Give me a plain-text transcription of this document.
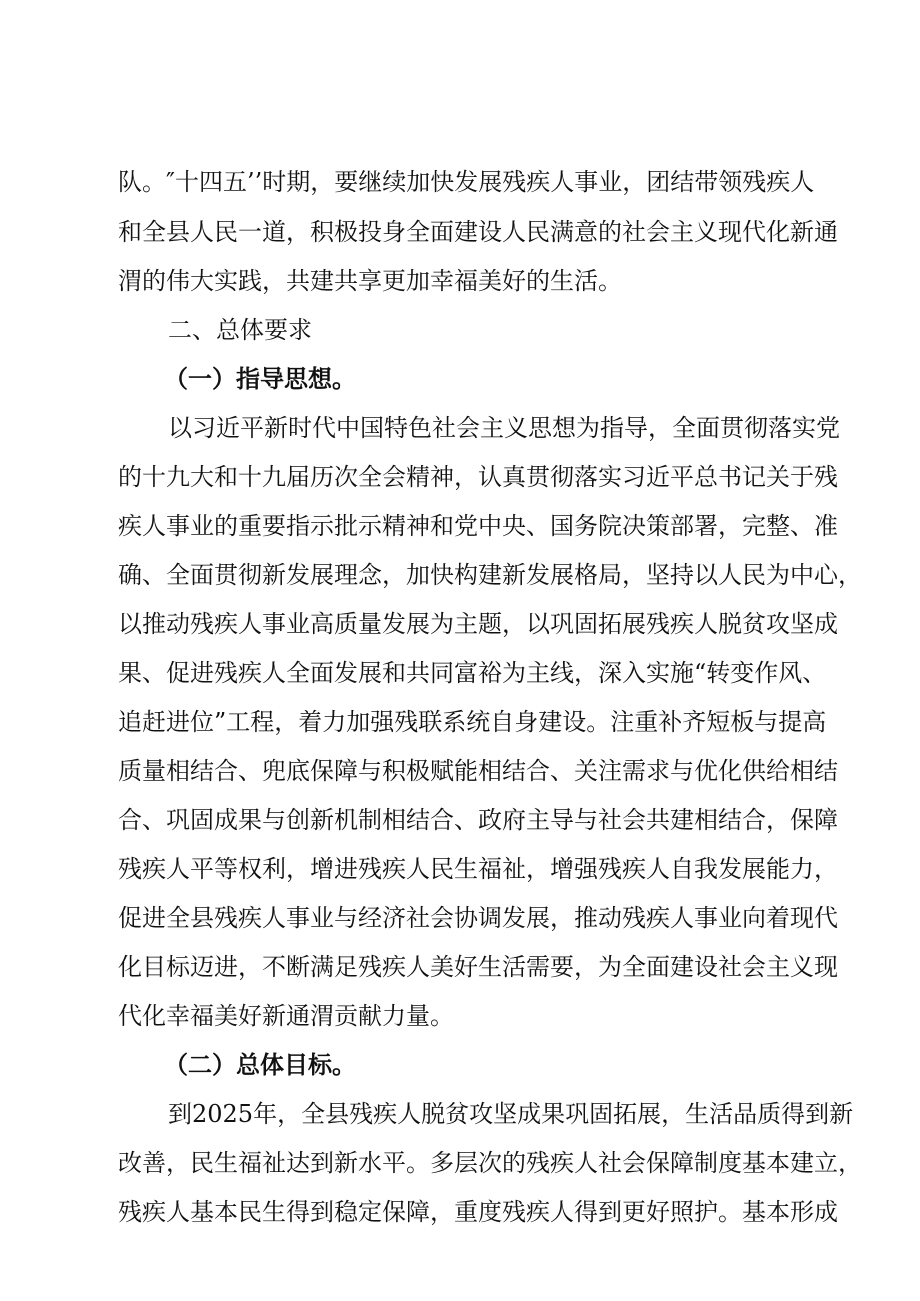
队。″十四五’’时期，要继续加快发展残疾人事业，团结带领残疾人
和全县人民一道，积极投身全面建设人民满意的社会主义现代化新通
渭的伟大实践，共建共享更加幸福美好的生活。
二、总体要求
（一）指导思想。
以习近平新时代中国特色社会主义思想为指导，全面贯彻落实党
的十九大和十九届历次全会精神，认真贯彻落实习近平总书记关于残
疾人事业的重要指示批示精神和党中央、国务院决策部署，完整、准
确、全面贯彻新发展理念，加快构建新发展格局，坚持以人民为中心，
以推动残疾人事业高质量发展为主题，以巩固拓展残疾人脱贫攻坚成
果、促进残疾人全面发展和共同富裕为主线，深入实施“转变作风、
追赶进位”工程，着力加强残联系统自身建设。注重补齐短板与提高
质量相结合、兜底保障与积极赋能相结合、关注需求与优化供给相结
合、巩固成果与创新机制相结合、政府主导与社会共建相结合，保障
残疾人平等权利，增进残疾人民生福祉，增强残疾人自我发展能力，
促进全县残疾人事业与经济社会协调发展，推动残疾人事业向着现代
化目标迈进，不断满足残疾人美好生活需要，为全面建设社会主义现
代化幸福美好新通渭贡献力量。
（二）总体目标。
到2025年，全县残疾人脱贫攻坚成果巩固拓展，生活品质得到新
改善，民生福祉达到新水平。多层次的残疾人社会保障制度基本建立，
残疾人基本民生得到稳定保障，重度残疾人得到更好照护。基本形成
